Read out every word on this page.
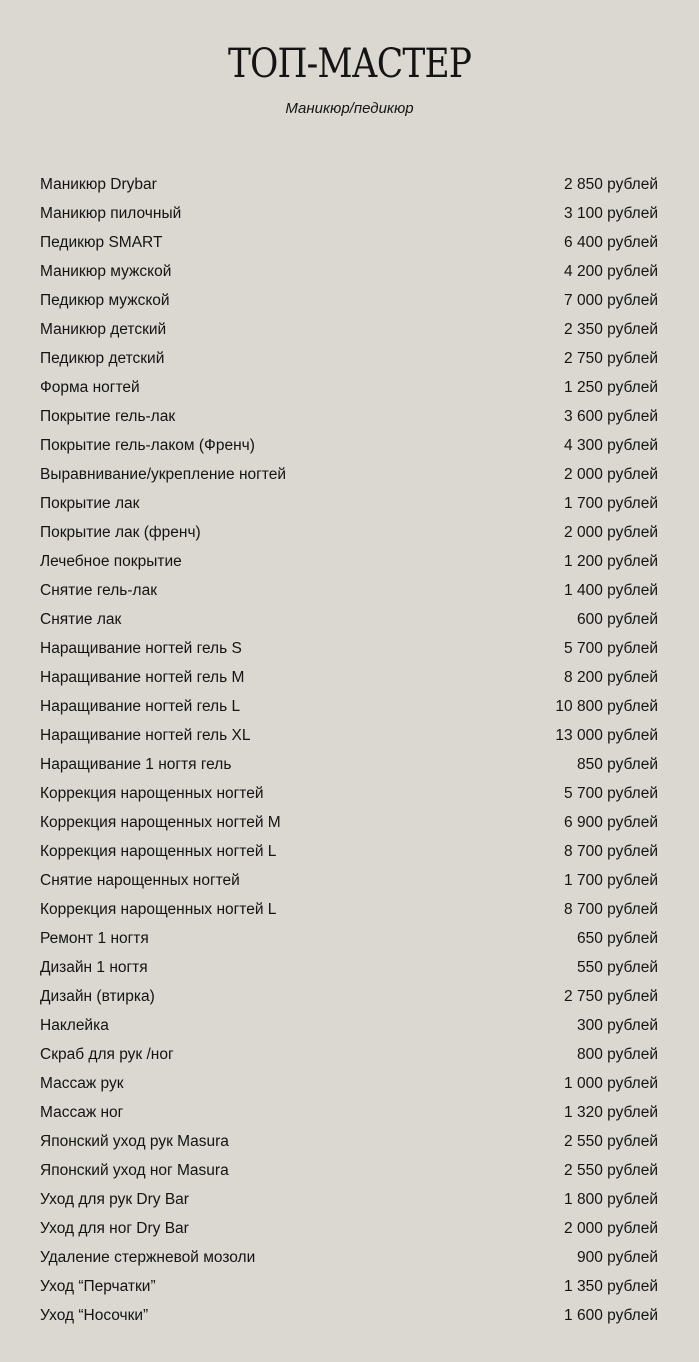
ТОП-МАСТЕР

Маникюр/педикюр

Маникюр Drybar	2 850 рублей
Маникюр пилочный	3 100 рублей
Педикюр SMART	6 400 рублей
Маникюр мужской	4 200 рублей
Педикюр мужской	7 000 рублей
Маникюр детский	2 350 рублей
Педикюр детский	2 750 рублей
Форма ногтей	1 250 рублей
Покрытие гель-лак	3 600 рублей
Покрытие гель-лаком (Френч)	4 300 рублей
Выравнивание/укрепление ногтей	2 000 рублей
Покрытие лак	1 700 рублей
Покрытие лак (френч)	2 000 рублей
Лечебное покрытие	1 200 рублей
Снятие гель-лак	1 400 рублей
Снятие лак	600 рублей
Наращивание ногтей гель S	5 700 рублей
Наращивание ногтей гель M	8 200 рублей
Наращивание ногтей гель L	10 800 рублей
Наращивание ногтей гель XL	13 000 рублей
Наращивание 1 ногтя гель	850 рублей
Коррекция нарощенных ногтей	5 700 рублей
Коррекция нарощенных ногтей M	6 900 рублей
Коррекция нарощенных ногтей L	8 700 рублей
Снятие нарощенных ногтей	1 700 рублей
Коррекция нарощенных ногтей L	8 700 рублей
Ремонт 1 ногтя	650 рублей
Дизайн 1 ногтя	550 рублей
Дизайн (втирка)	2 750 рублей
Наклейка	300 рублей
Скраб для рук /ног	800 рублей
Массаж рук	1 000 рублей
Массаж ног	1 320 рублей
Японский уход рук Masura	2 550 рублей
Японский уход ног Masura	2 550 рублей
Уход для рук Dry Bar	1 800 рублей
Уход для ног Dry Bar	2 000 рублей
Удаление стержневой мозоли	900 рублей
Уход “Перчатки”	1 350 рублей
Уход “Носочки”	1 600 рублей
